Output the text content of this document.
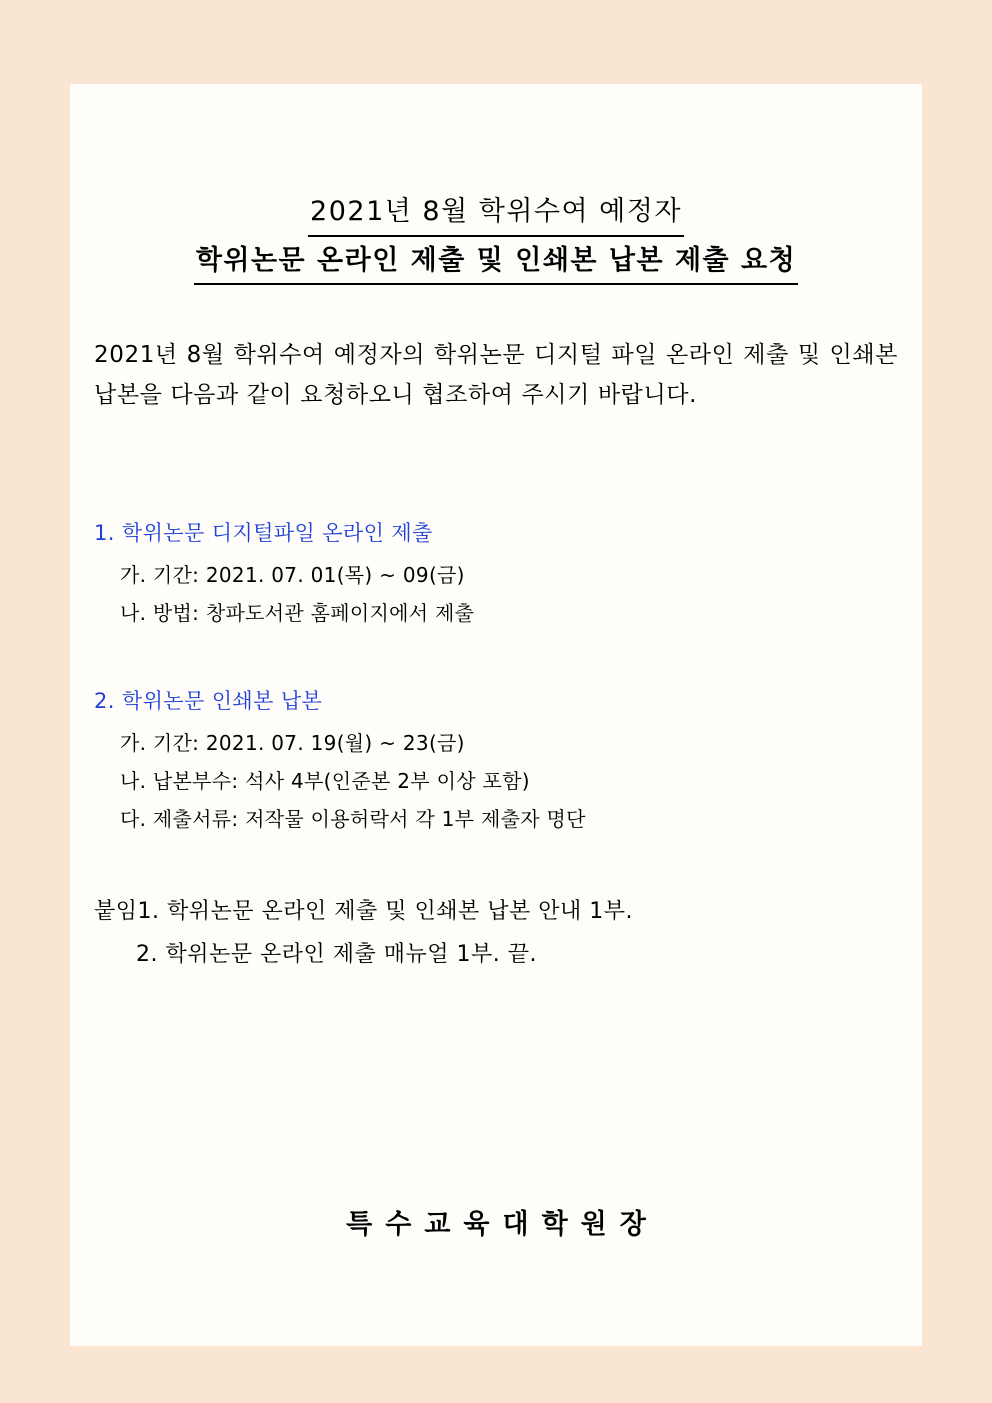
2021년 8월 학위수여 예정자
학위논문 온라인 제출 및 인쇄본 납본 제출 요청
2021년 8월 학위수여 예정자의 학위논문 디지털 파일 온라인 제출 및 인쇄본 납본을 다음과 같이 요청하오니 협조하여 주시기 바랍니다.
1. 학위논문 디지털파일 온라인 제출
가. 기간: 2021. 07. 01(목) ~ 09(금)
나. 방법: 창파도서관 홈페이지에서 제출
2. 학위논문 인쇄본 납본
가. 기간: 2021. 07. 19(월) ~ 23(금)
나. 납본부수: 석사 4부(인준본 2부 이상 포함)
다. 제출서류: 저작물 이용허락서 각 1부 제출자 명단
붙임1. 학위논문 온라인 제출 및 인쇄본 납본 안내 1부.
2. 학위논문 온라인 제출 매뉴얼 1부. 끝.
특수교육대학원장
